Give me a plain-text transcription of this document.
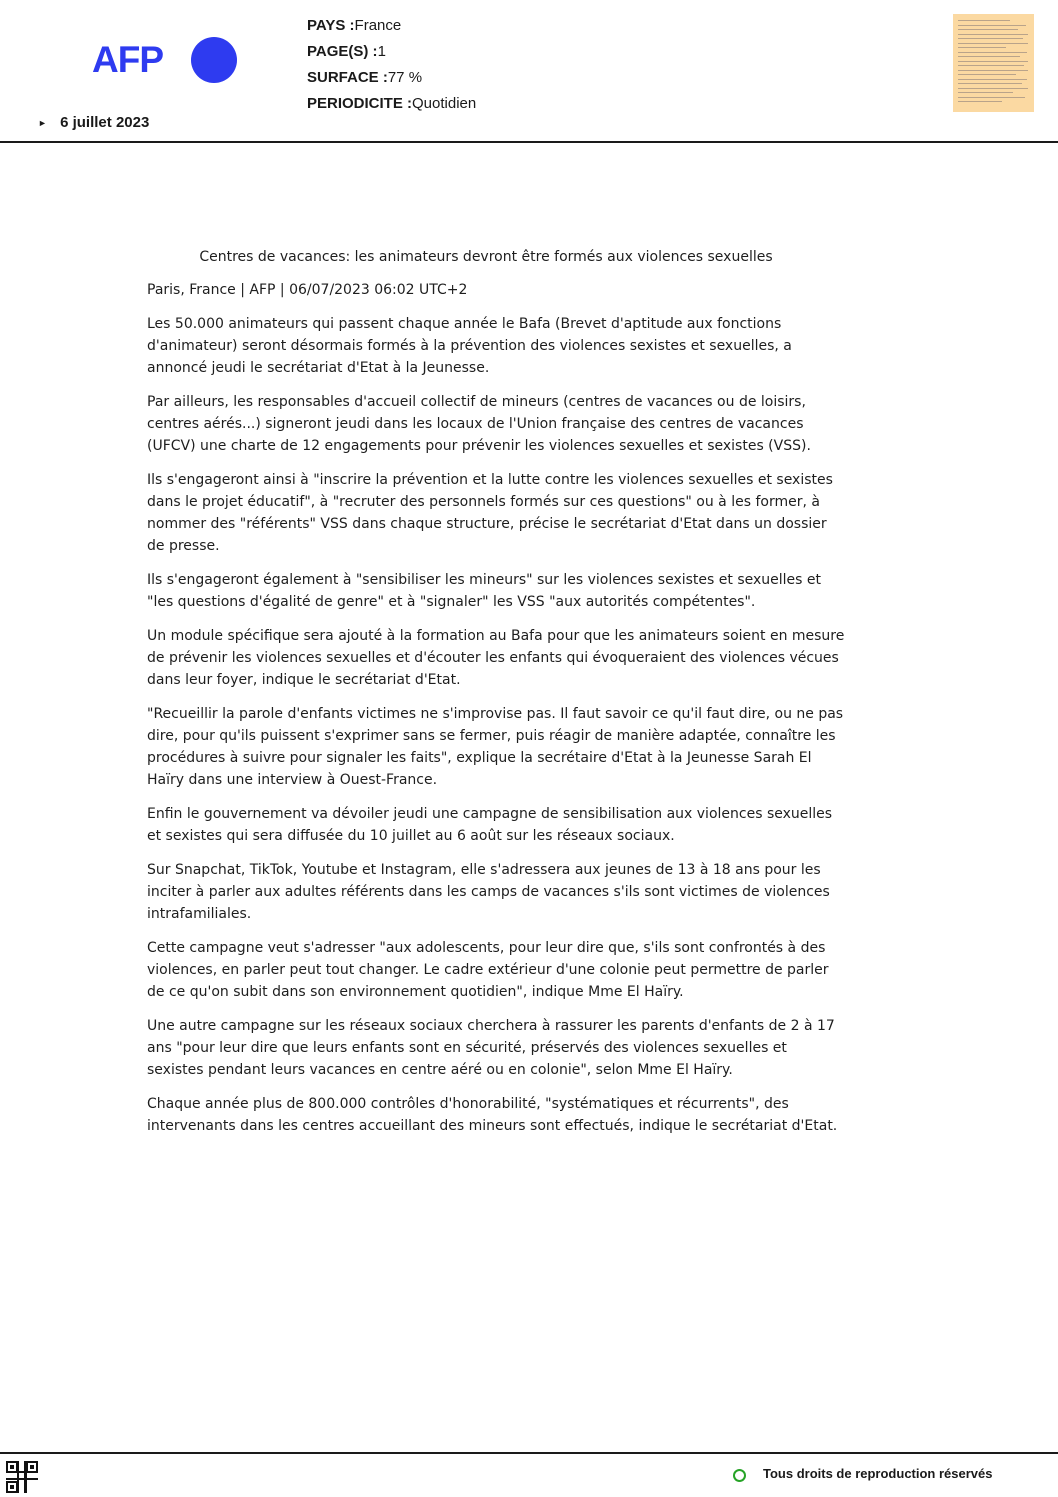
AFP
► 6 juillet 2023
PAYS :France
PAGE(S) :1
SURFACE :77 %
PERIODICITE :Quotidien

Centres de vacances: les animateurs devront être formés aux violences sexuelles

Paris, France | AFP | 06/07/2023 06:02 UTC+2

Les 50.000 animateurs qui passent chaque année le Bafa (Brevet d'aptitude aux fonctions d'animateur) seront désormais formés à la prévention des violences sexistes et sexuelles, a annoncé jeudi le secrétariat d'Etat à la Jeunesse.

Par ailleurs, les responsables d'accueil collectif de mineurs (centres de vacances ou de loisirs, centres aérés...) signeront jeudi dans les locaux de l'Union française des centres de vacances (UFCV) une charte de 12 engagements pour prévenir les violences sexuelles et sexistes (VSS).

Ils s'engageront ainsi à "inscrire la prévention et la lutte contre les violences sexuelles et sexistes dans le projet éducatif", à "recruter des personnels formés sur ces questions" ou à les former, à nommer des "référents" VSS dans chaque structure, précise le secrétariat d'Etat dans un dossier de presse.

Ils s'engageront également à "sensibiliser les mineurs" sur les violences sexistes et sexuelles et "les questions d'égalité de genre" et à "signaler" les VSS "aux autorités compétentes".

Un module spécifique sera ajouté à la formation au Bafa pour que les animateurs soient en mesure de prévenir les violences sexuelles et d'écouter les enfants qui évoqueraient des violences vécues dans leur foyer, indique le secrétariat d'Etat.

"Recueillir la parole d'enfants victimes ne s'improvise pas. Il faut savoir ce qu'il faut dire, ou ne pas dire, pour qu'ils puissent s'exprimer sans se fermer, puis réagir de manière adaptée, connaître les procédures à suivre pour signaler les faits", explique la secrétaire d'Etat à la Jeunesse Sarah El Haïry dans une interview à Ouest-France.

Enfin le gouvernement va dévoiler jeudi une campagne de sensibilisation aux violences sexuelles et sexistes qui sera diffusée du 10 juillet au 6 août sur les réseaux sociaux.

Sur Snapchat, TikTok, Youtube et Instagram, elle s'adressera aux jeunes de 13 à 18 ans pour les inciter à parler aux adultes référents dans les camps de vacances s'ils sont victimes de violences intrafamiliales.

Cette campagne veut s'adresser "aux adolescents, pour leur dire que, s'ils sont confrontés à des violences, en parler peut tout changer. Le cadre extérieur d'une colonie peut permettre de parler de ce qu'on subit dans son environnement quotidien", indique Mme El Haïry.

Une autre campagne sur les réseaux sociaux cherchera à rassurer les parents d'enfants de 2 à 17 ans "pour leur dire que leurs enfants sont en sécurité, préservés des violences sexuelles et sexistes pendant leurs vacances en centre aéré ou en colonie", selon Mme El Haïry.

Chaque année plus de 800.000 contrôles d'honorabilité, "systématiques et récurrents", des intervenants dans les centres accueillant des mineurs sont effectués, indique le secrétariat d'Etat.

Tous droits de reproduction réservés
